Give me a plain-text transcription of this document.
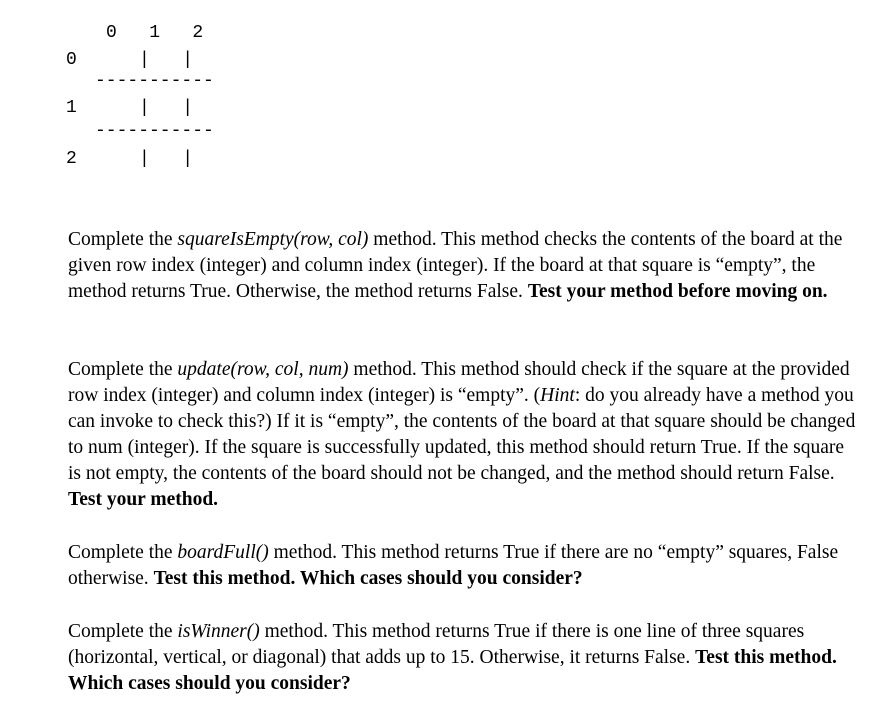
0   1   2
0	|   |
-----------
1	|   |
-----------
2	|   |

Complete the squareIsEmpty(row, col) method. This method checks the contents of the board at the given row index (integer) and column index (integer). If the board at that square is “empty”, the method returns True. Otherwise, the method returns False. Test your method before moving on.

Complete the update(row, col, num) method. This method should check if the square at the provided row index (integer) and column index (integer) is “empty”. (Hint: do you already have a method you can invoke to check this?) If it is “empty”, the contents of the board at that square should be changed to num (integer). If the square is successfully updated, this method should return True. If the square is not empty, the contents of the board should not be changed, and the method should return False. Test your method.

Complete the boardFull() method. This method returns True if there are no “empty” squares, False otherwise. Test this method. Which cases should you consider?

Complete the isWinner() method. This method returns True if there is one line of three squares (horizontal, vertical, or diagonal) that adds up to 15. Otherwise, it returns False. Test this method. Which cases should you consider?
